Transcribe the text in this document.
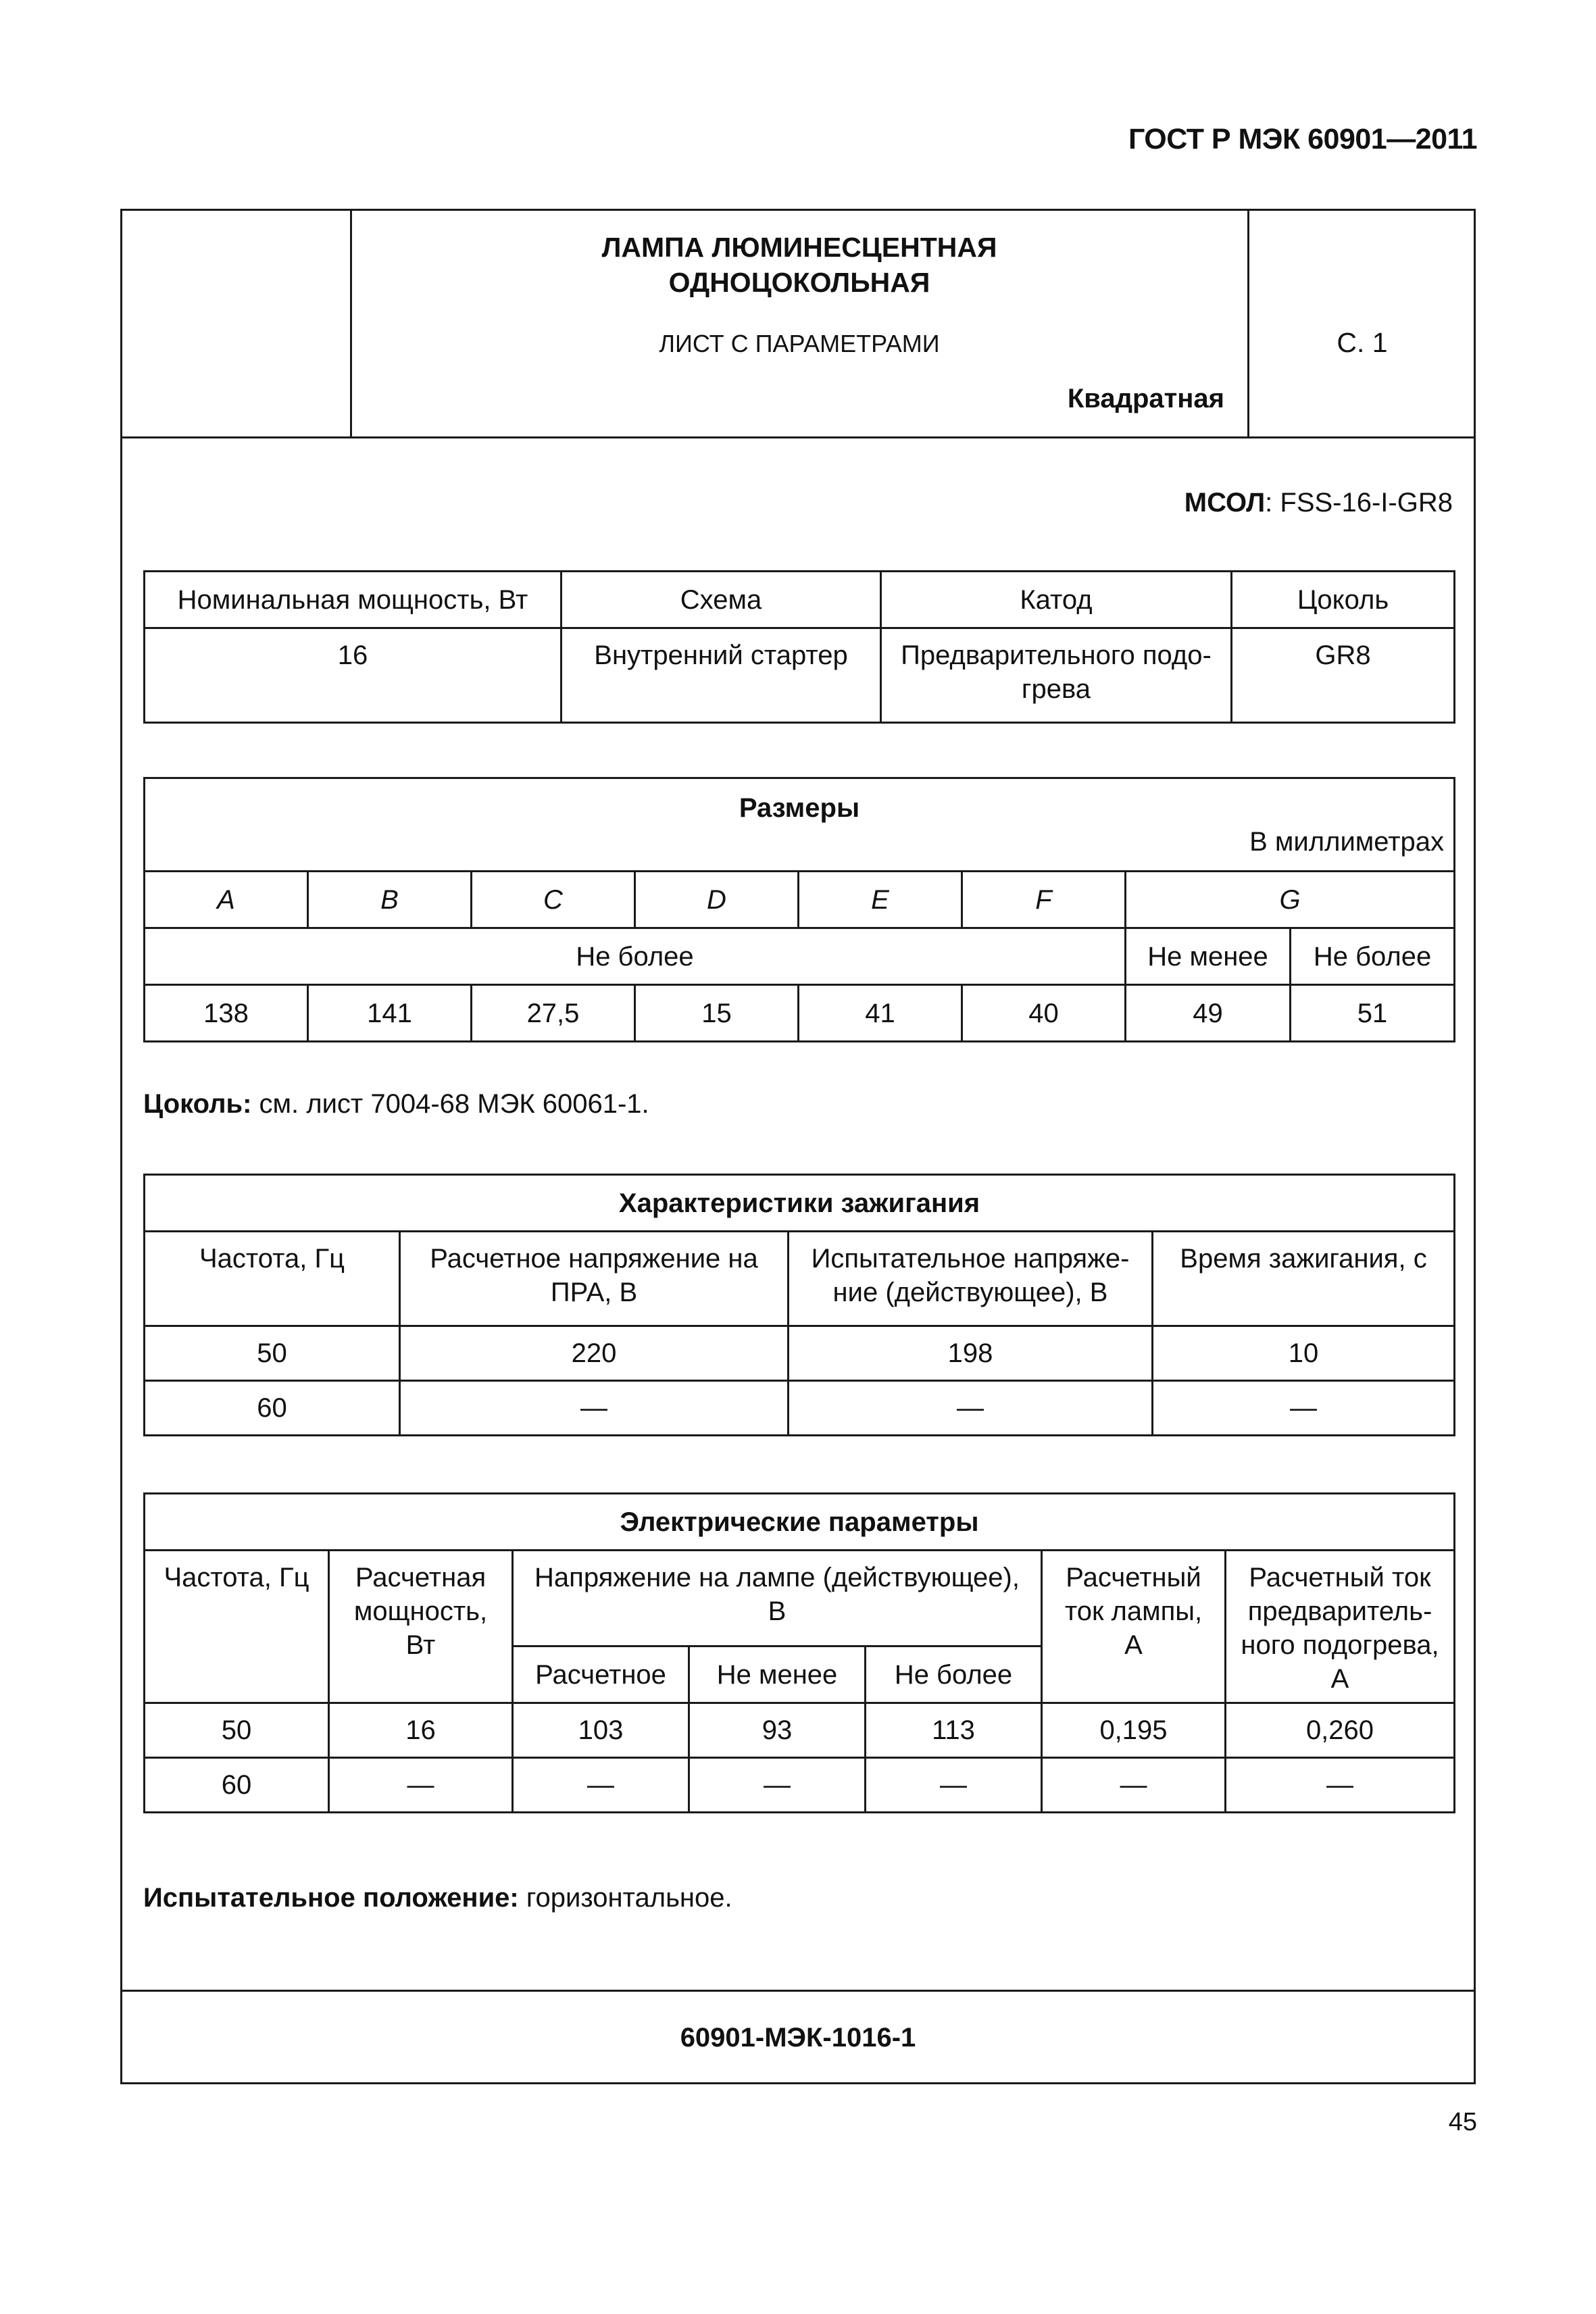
ГОСТ Р МЭК 60901—2011
ЛАМПА ЛЮМИНЕСЦЕНТНАЯ
ОДНОЦОКОЛЬНАЯ
ЛИСТ С ПАРАМЕТРАМИ
Квадратная
С. 1
МСОЛ: FSS-16-I-GR8
Номинальная мощность, Вт	Схема	Катод	Цоколь
16	Внутренний стартер	Предварительного подо-грева	GR8
Размеры
В миллиметрах							

A	B	C	D	E	F	G	
Не более						Не менее	Не более
138	141	27,5	15	41	40	49	51
Цоколь: см. лист 7004-68 МЭК 60061-1.
Характеристики зажигания			
Частота, Гц	Расчетное напряжение на ПРА, В	Испытательное напряже-ние (действующее), В	Время зажигания, с
50	220	198	10
60	—	—	—
Электрические параметры						
Частота, Гц	Расчетная мощность, Вт	Напряжение на лампе (действующее), В			Расчетный ток лампы, А	Расчетный ток предваритель-ного подогрева, А
		Расчетное	Не менее	Не более		
50	16	103	93	113	0,195	0,260
60	—	—	—	—	—	—
Испытательное положение: горизонтальное.
60901-МЭК-1016-1
45
